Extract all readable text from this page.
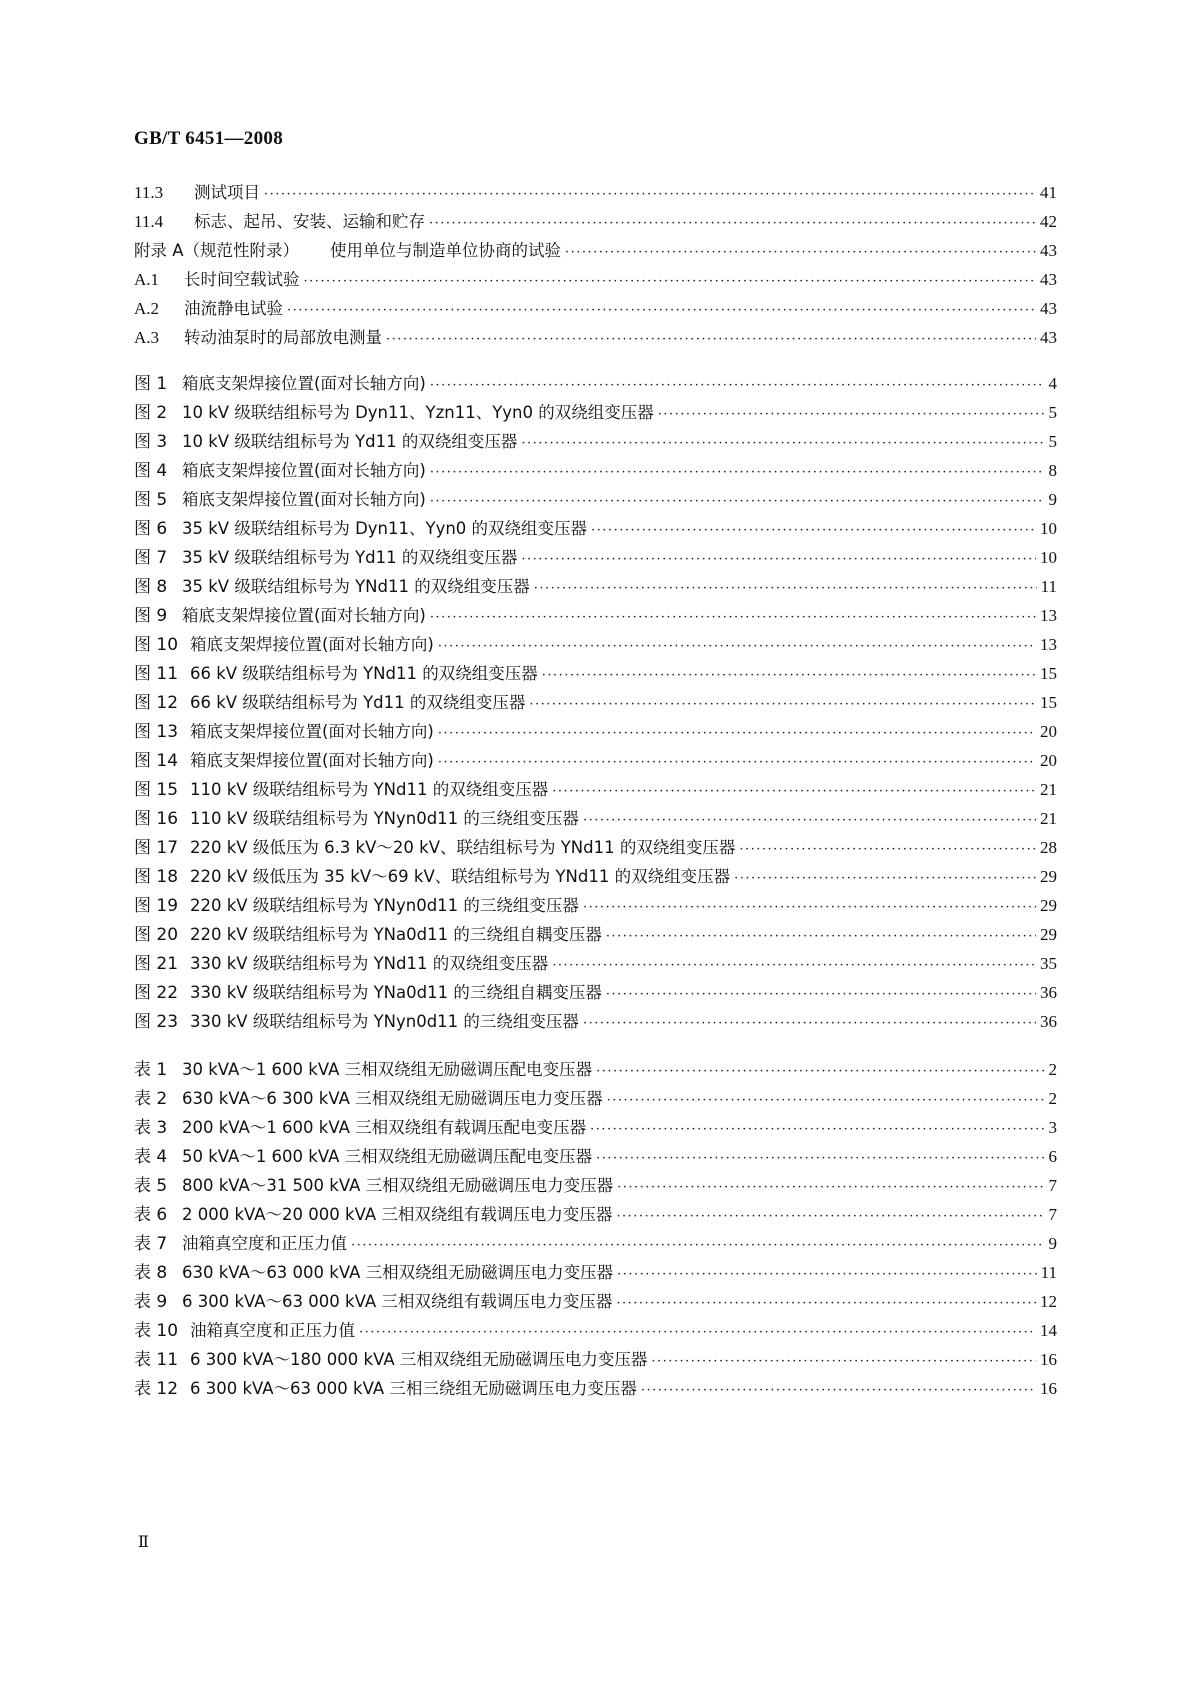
GB/T 6451—2008
11.3	测试项目 ·····	41
11.4	标志、起吊、安装、运输和贮存 ·····	42
附录 A（规范性附录）	使用单位与制造单位协商的试验 ·····	43
A.1	长时间空载试验 ·····	43
A.2	油流静电试验 ·····	43
A.3	转动油泵时的局部放电测量 ·····	43
图 1 箱底支架焊接位置(面对长轴方向) ·····	4
图 2 10 kV 级联结组标号为 Dyn11、Yzn11、Yyn0 的双绕组变压器 ·····	5
图 3 10 kV 级联结组标号为 Yd11 的双绕组变压器 ·····	5
图 4 箱底支架焊接位置(面对长轴方向) ·····	8
图 5 箱底支架焊接位置(面对长轴方向) ·····	9
图 6 35 kV 级联结组标号为 Dyn11、Yyn0 的双绕组变压器 ·····	10
图 7 35 kV 级联结组标号为 Yd11 的双绕组变压器 ·····	10
图 8 35 kV 级联结组标号为 YNd11 的双绕组变压器 ·····	11
图 9 箱底支架焊接位置(面对长轴方向) ·····	13
图 10 箱底支架焊接位置(面对长轴方向) ·····	13
图 11 66 kV 级联结组标号为 YNd11 的双绕组变压器 ·····	15
图 12 66 kV 级联结组标号为 Yd11 的双绕组变压器 ·····	15
图 13 箱底支架焊接位置(面对长轴方向) ·····	20
图 14 箱底支架焊接位置(面对长轴方向) ·····	20
图 15 110 kV 级联结组标号为 YNd11 的双绕组变压器 ·····	21
图 16 110 kV 级联结组标号为 YNyn0d11 的三绕组变压器 ·····	21
图 17 220 kV 级低压为 6.3 kV～20 kV、联结组标号为 YNd11 的双绕组变压器 ·····	28
图 18 220 kV 级低压为 35 kV～69 kV、联结组标号为 YNd11 的双绕组变压器 ·····	29
图 19 220 kV 级联结组标号为 YNyn0d11 的三绕组变压器 ·····	29
图 20 220 kV 级联结组标号为 YNa0d11 的三绕组自耦变压器 ·····	29
图 21 330 kV 级联结组标号为 YNd11 的双绕组变压器 ·····	35
图 22 330 kV 级联结组标号为 YNa0d11 的三绕组自耦变压器 ·····	36
图 23 330 kV 级联结组标号为 YNyn0d11 的三绕组变压器 ·····	36
表 1 30 kVA～1 600 kVA 三相双绕组无励磁调压配电变压器 ·····	2
表 2 630 kVA～6 300 kVA 三相双绕组无励磁调压电力变压器 ·····	2
表 3 200 kVA～1 600 kVA 三相双绕组有载调压配电变压器 ·····	3
表 4 50 kVA～1 600 kVA 三相双绕组无励磁调压配电变压器 ·····	6
表 5 800 kVA～31 500 kVA 三相双绕组无励磁调压电力变压器 ·····	7
表 6 2 000 kVA～20 000 kVA 三相双绕组有载调压电力变压器 ·····	7
表 7 油箱真空度和正压力值 ·····	9
表 8 630 kVA～63 000 kVA 三相双绕组无励磁调压电力变压器 ·····	11
表 9 6 300 kVA～63 000 kVA 三相双绕组有载调压电力变压器 ·····	12
表 10 油箱真空度和正压力值 ·····	14
表 11 6 300 kVA～180 000 kVA 三相双绕组无励磁调压电力变压器 ·····	16
表 12 6 300 kVA～63 000 kVA 三相三绕组无励磁调压电力变压器 ·····	16
Ⅱ
